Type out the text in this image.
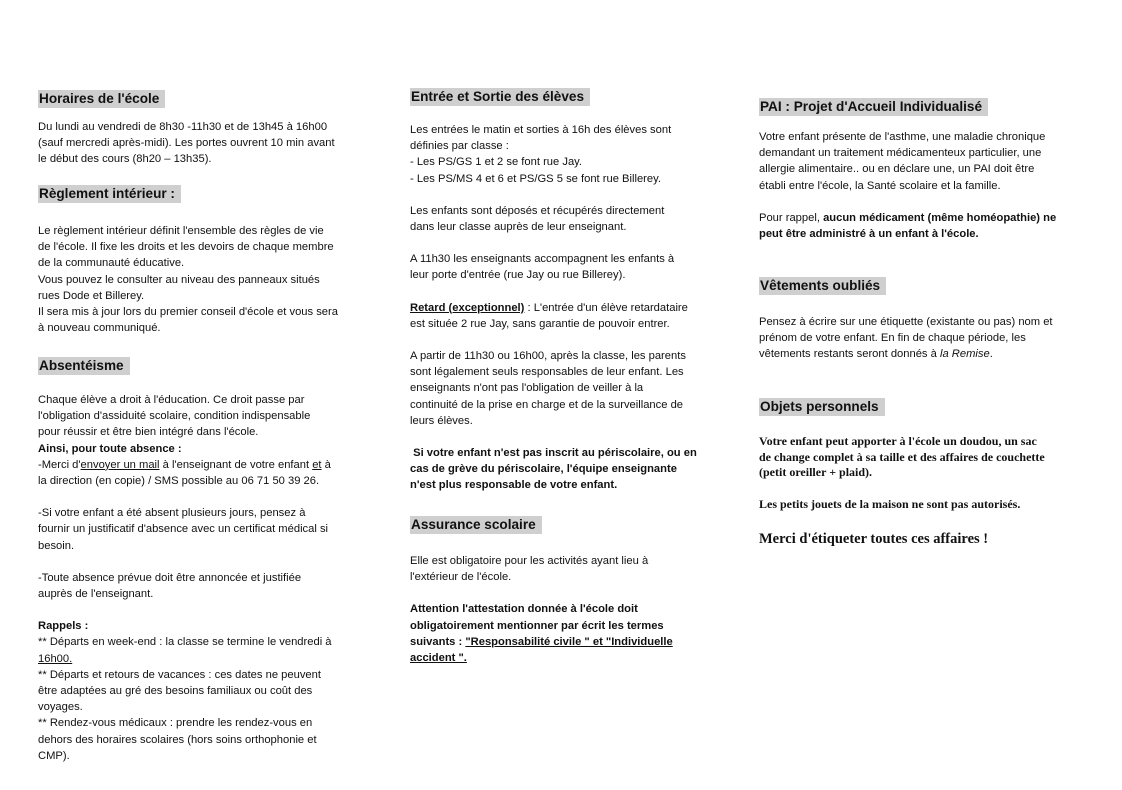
Horaires de l'école

Du lundi au vendredi de 8h30 -11h30 et de 13h45 à 16h00

(sauf mercredi après-midi). Les portes ouvrent 10 min avant

le début des cours (8h20 – 13h35).

Règlement intérieur :

Le règlement intérieur définit l'ensemble des règles de vie

de l'école. Il fixe les droits et les devoirs de chaque membre

de la communauté éducative.

Vous pouvez le consulter au niveau des panneaux situés

rues Dode et Billerey.

Il sera mis à jour lors du premier conseil d'école et vous sera

à nouveau communiqué.

Absentéisme

Chaque élève a droit à l'éducation. Ce droit passe par

l'obligation d'assiduité scolaire, condition indispensable

pour réussir et être bien intégré dans l'école.

Ainsi, pour toute absence :

-Merci d'envoyer un mail à l'enseignant de votre enfant et à

la direction (en copie) / SMS possible au 06 71 50 39 26.

-Si votre enfant a été absent plusieurs jours, pensez à

fournir un justificatif d'absence avec un certificat médical si

besoin.

-Toute absence prévue doit être annoncée et justifiée

auprès de l'enseignant.

Rappels :

** Départs en week-end : la classe se termine le vendredi à

16h00.

** Départs et retours de vacances : ces dates ne peuvent

être adaptées au gré des besoins familiaux ou coût des

voyages.

** Rendez-vous médicaux : prendre les rendez-vous en

dehors des horaires scolaires (hors soins orthophonie et

CMP).

Entrée et Sortie des élèves

Les entrées le matin et sorties à 16h des élèves sont

définies par classe :

- Les PS/GS 1 et 2 se font rue Jay.

- Les PS/MS 4 et 6 et PS/GS 5 se font rue Billerey.

Les enfants sont déposés et récupérés directement

dans leur classe auprès de leur enseignant.

A 11h30 les enseignants accompagnent les enfants à

leur porte d'entrée (rue Jay ou rue Billerey).

Retard (exceptionnel) : L'entrée d'un élève retardataire

est située 2 rue Jay, sans garantie de pouvoir entrer.

A partir de 11h30 ou 16h00, après la classe, les parents

sont légalement seuls responsables de leur enfant. Les

enseignants n'ont pas l'obligation de veiller à la

continuité de la prise en charge et de la surveillance de

leurs élèves.

Si votre enfant n'est pas inscrit au périscolaire, ou en

cas de grève du périscolaire, l'équipe enseignante

n'est plus responsable de votre enfant.

Assurance scolaire

Elle est obligatoire pour les activités ayant lieu à

l'extérieur de l'école.

Attention l'attestation donnée à l'école doit

obligatoirement mentionner par écrit les termes

suivants : "Responsabilité civile " et "Individuelle

accident ".

PAI : Projet d'Accueil Individualisé

Votre enfant présente de l'asthme, une maladie chronique

demandant un traitement médicamenteux particulier, une

allergie alimentaire.. ou en déclare une, un PAI doit être

établi entre l'école, la Santé scolaire et la famille.

Pour rappel, aucun médicament (même homéopathie) ne

peut être administré à un enfant à l'école.

Vêtements oubliés

Pensez à écrire sur une étiquette (existante ou pas) nom et

prénom de votre enfant. En fin de chaque période, les

vêtements restants seront donnés à la Remise.

Objets personnels

Votre enfant peut apporter à l'école un doudou, un sac

de change complet à sa taille et des affaires de couchette

(petit oreiller + plaid).

Les petits jouets de la maison ne sont pas autorisés.

Merci d'étiqueter toutes ces affaires !
